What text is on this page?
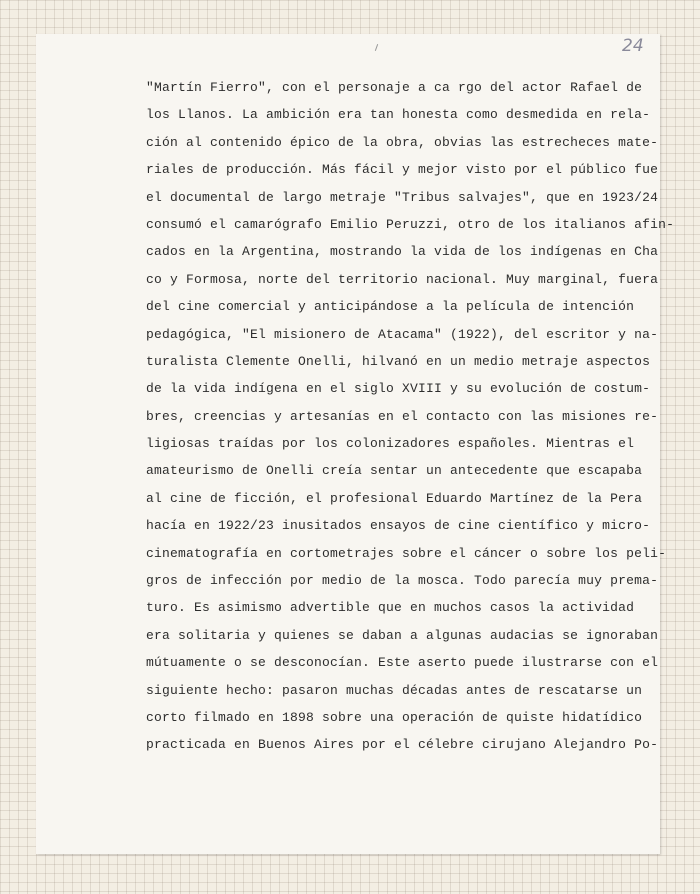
24
"Martín Fierro", con el personaje a ca rgo del actor Rafael de
los Llanos. La ambición era tan honesta como desmedida en rela-
ción al contenido épico de la obra, obvias las estrecheces mate-
riales de producción. Más fácil y mejor visto por el público fue
el documental de largo metraje "Tribus salvajes", que en 1923/24
consumó el camarógrafo Emilio Peruzzi, otro de los italianos afin-
cados en la Argentina, mostrando la vida de los indígenas en Cha
co y Formosa, norte del territorio nacional. Muy marginal, fuera
del cine comercial y anticipándose a la película de intención
pedagógica, "El misionero de Atacama" (1922), del escritor y na-
turalista Clemente Onelli, hilvanó en un medio metraje aspectos
de la vida indígena en el siglo XVIII y su evolución de costum-
bres, creencias y artesanías en el contacto con las misiones re-
ligiosas traídas por los colonizadores españoles. Mientras el
amateurismo de Onelli creía sentar un antecedente que escapaba
al cine de ficción, el profesional Eduardo Martínez de la Pera
hacía en 1922/23 inusitados ensayos de cine científico y micro-
cinematografía en cortometrajes sobre el cáncer o sobre los peli-
gros de infección por medio de la mosca. Todo parecía muy prema-
turo. Es asimismo advertible que en muchos casos la actividad
era solitaria y quienes se daban a algunas audacias se ignoraban
mútuamente o se desconocían. Este aserto puede ilustrarse con el
siguiente hecho: pasaron muchas décadas antes de rescatarse un
corto filmado en 1898 sobre una operación de quiste hidatídico
practicada en Buenos Aires por el célebre cirujano Alejandro Po-
